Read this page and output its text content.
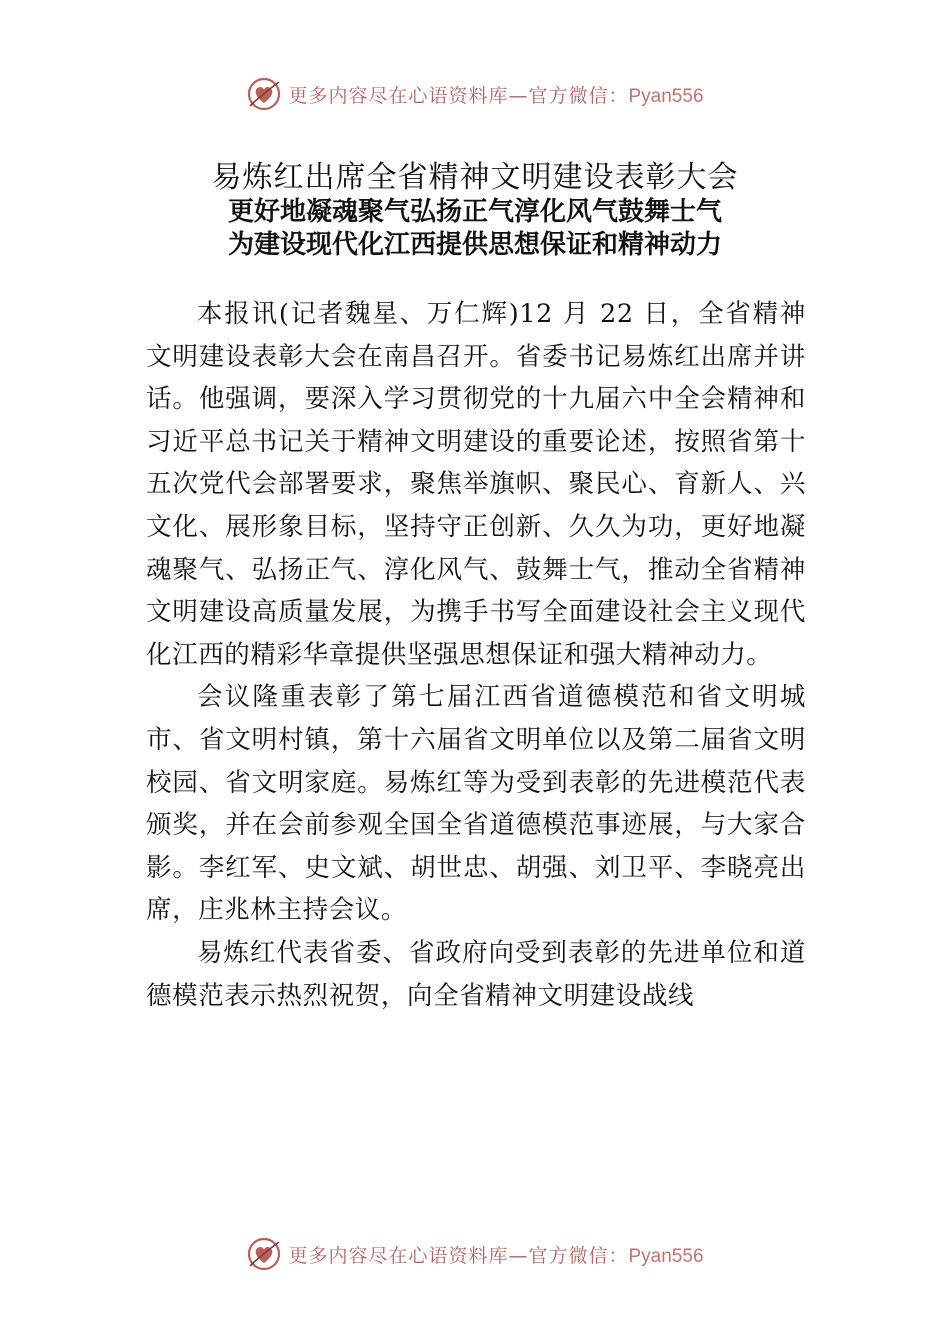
更多内容尽在心语资料库—官方微信：Pyan556
易炼红出席全省精神文明建设表彰大会
更好地凝魂聚气弘扬正气淳化风气鼓舞士气
为建设现代化江西提供思想保证和精神动力

本报讯(记者魏星、万仁辉)12 月 22 日，全省精神文明建设表彰大会在南昌召开。省委书记易炼红出席并讲话。他强调，要深入学习贯彻党的十九届六中全会精神和习近平总书记关于精神文明建设的重要论述，按照省第十五次党代会部署要求，聚焦举旗帜、聚民心、育新人、兴文化、展形象目标，坚持守正创新、久久为功，更好地凝魂聚气、弘扬正气、淳化风气、鼓舞士气，推动全省精神文明建设高质量发展，为携手书写全面建设社会主义现代化江西的精彩华章提供坚强思想保证和强大精神动力。

会议隆重表彰了第七届江西省道德模范和省文明城市、省文明村镇，第十六届省文明单位以及第二届省文明校园、省文明家庭。易炼红等为受到表彰的先进模范代表颁奖，并在会前参观全国全省道德模范事迹展，与大家合影。李红军、史文斌、胡世忠、胡强、刘卫平、李晓亮出席，庄兆林主持会议。

易炼红代表省委、省政府向受到表彰的先进单位和道德模范表示热烈祝贺，向全省精神文明建设战线

更多内容尽在心语资料库—官方微信：Pyan556
